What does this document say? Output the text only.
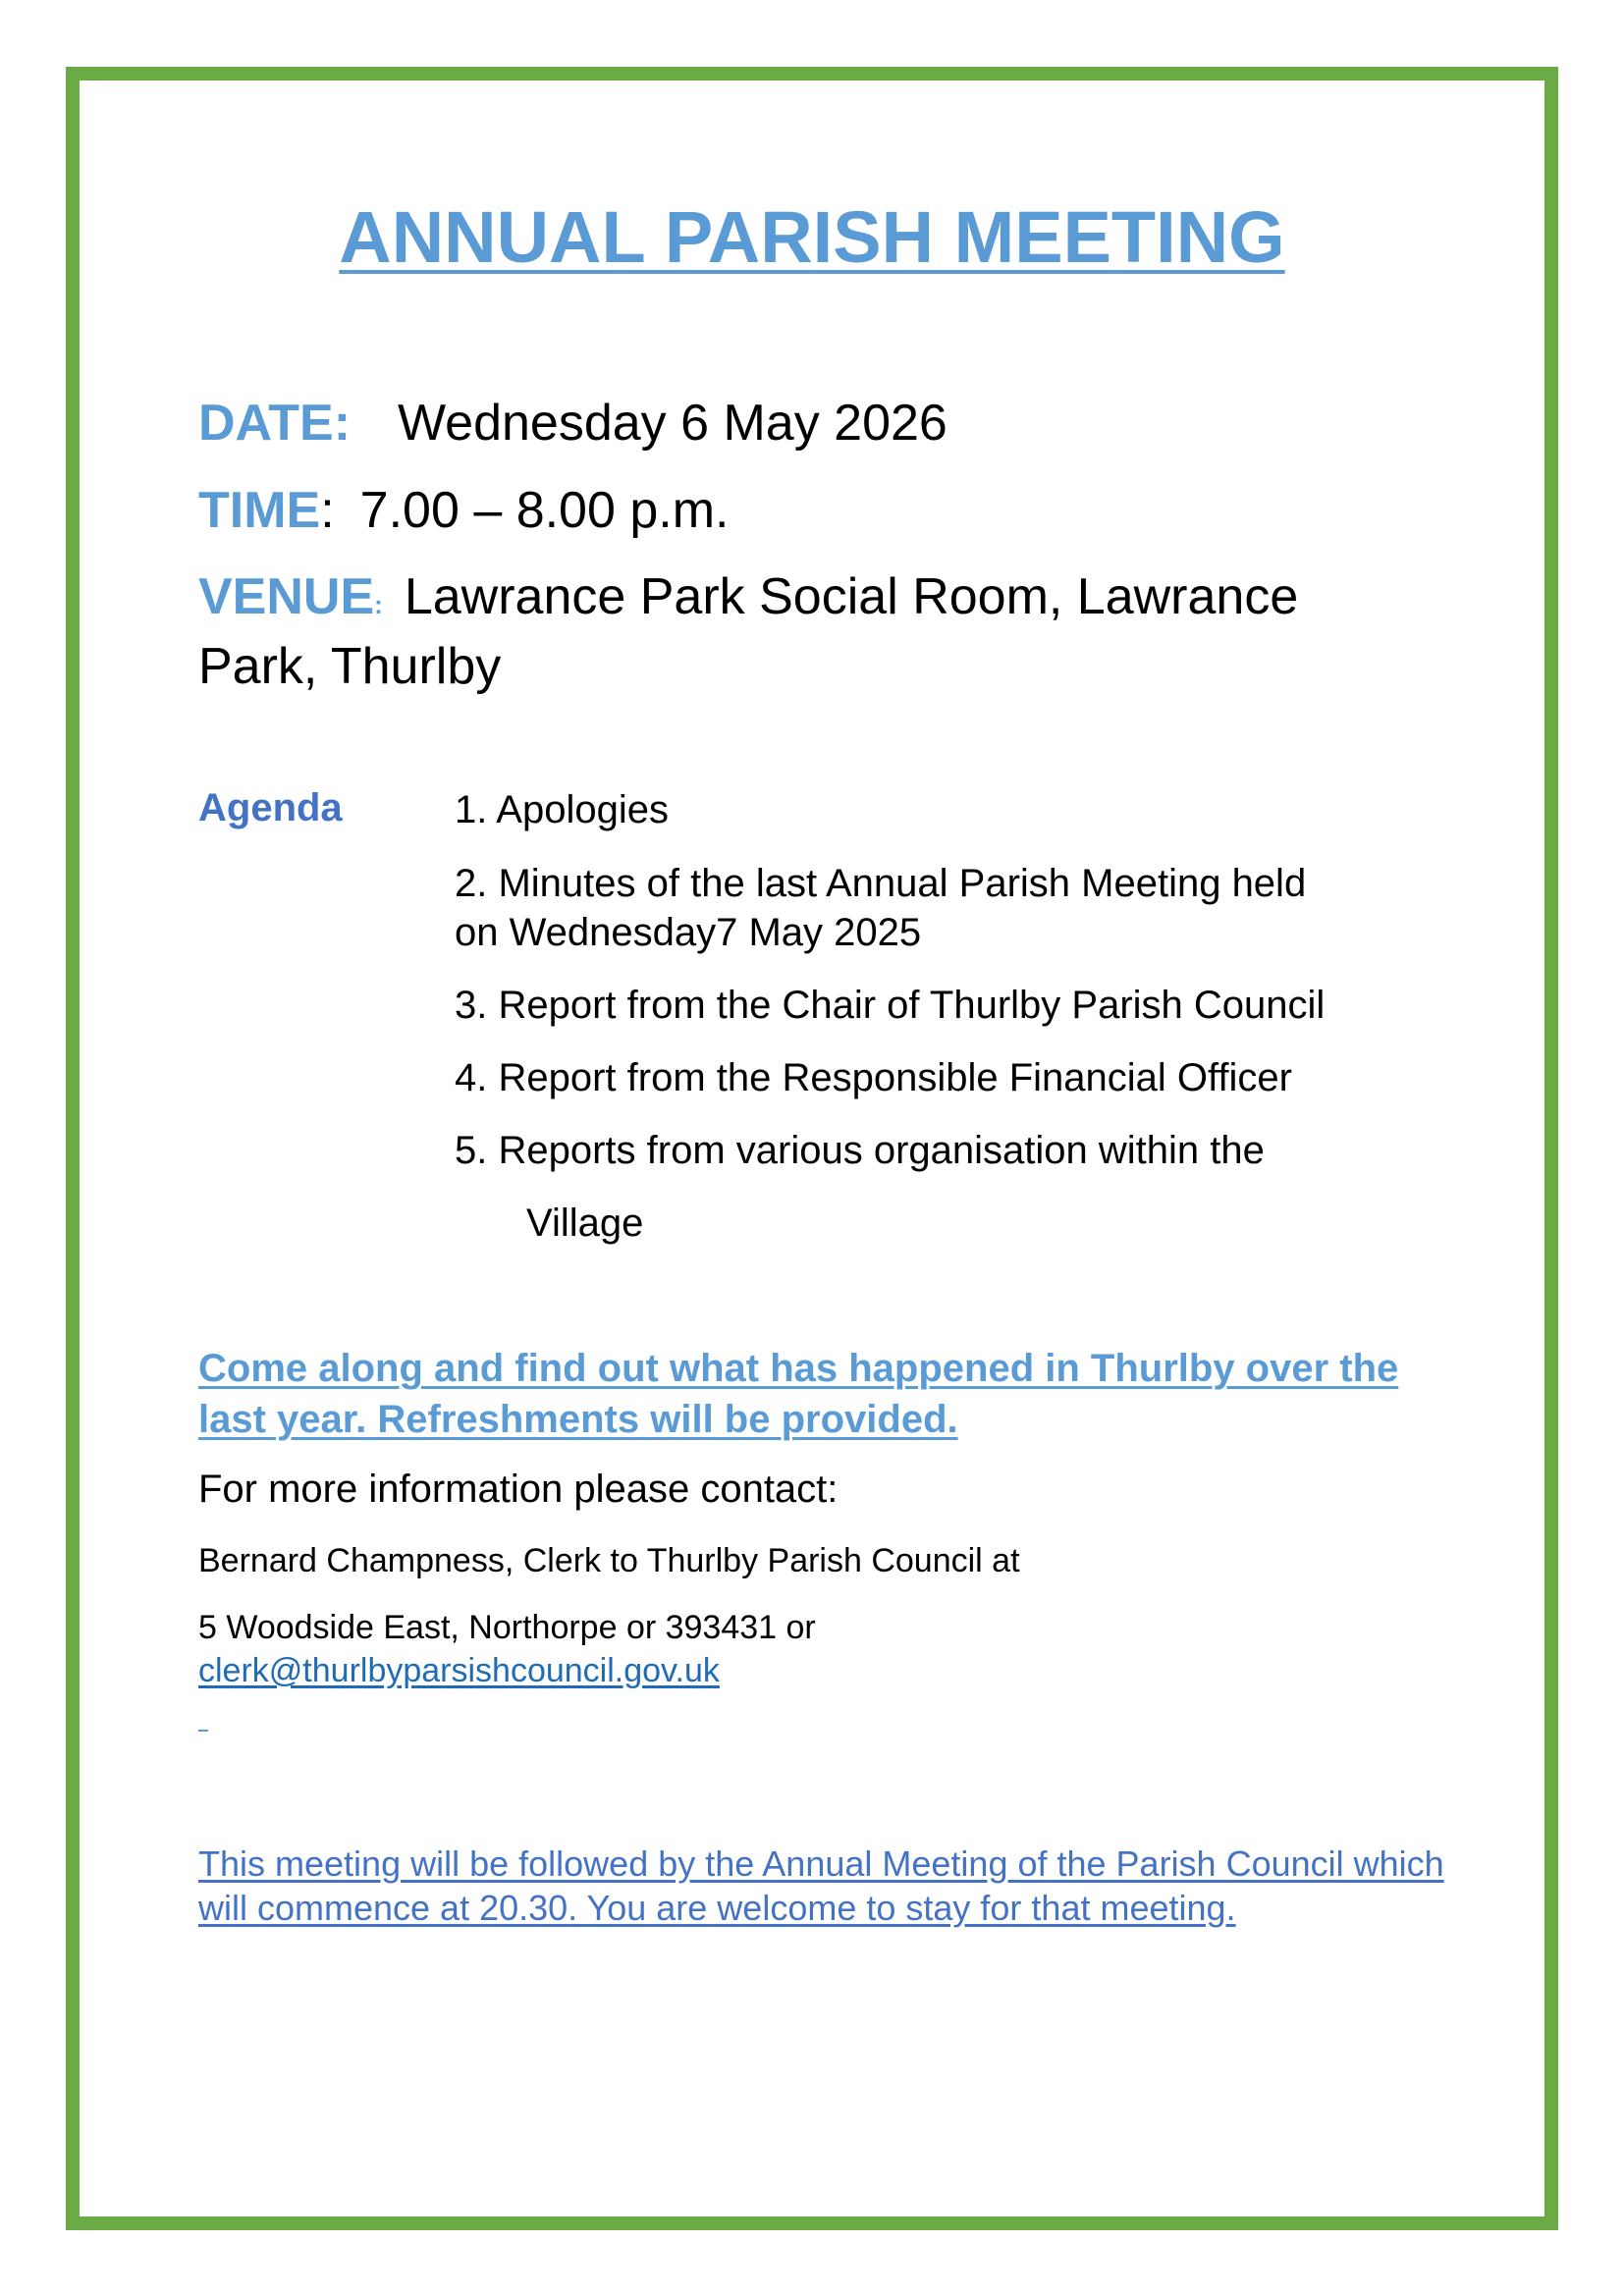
ANNUAL PARISH MEETING
DATE: Wednesday 6 May 2026
TIME: 7.00 – 8.00 p.m.
VENUE: Lawrance Park Social Room, Lawrance Park, Thurlby
Agenda	1. Apologies
2. Minutes of the last Annual Parish Meeting held
on Wednesday7 May 2025
3. Report from the Chair of Thurlby Parish Council
4. Report from the Responsible Financial Officer
5. Reports from various organisation within the
Village
Come along and find out what has happened in Thurlby over the last year. Refreshments will be provided.
For more information please contact:
Bernard Champness, Clerk to Thurlby Parish Council at
5 Woodside East, Northorpe or 393431 or
clerk@thurlbyparsishcouncil.gov.uk
This meeting will be followed by the Annual Meeting of the Parish Council which will commence at 20.30. You are welcome to stay for that meeting.
